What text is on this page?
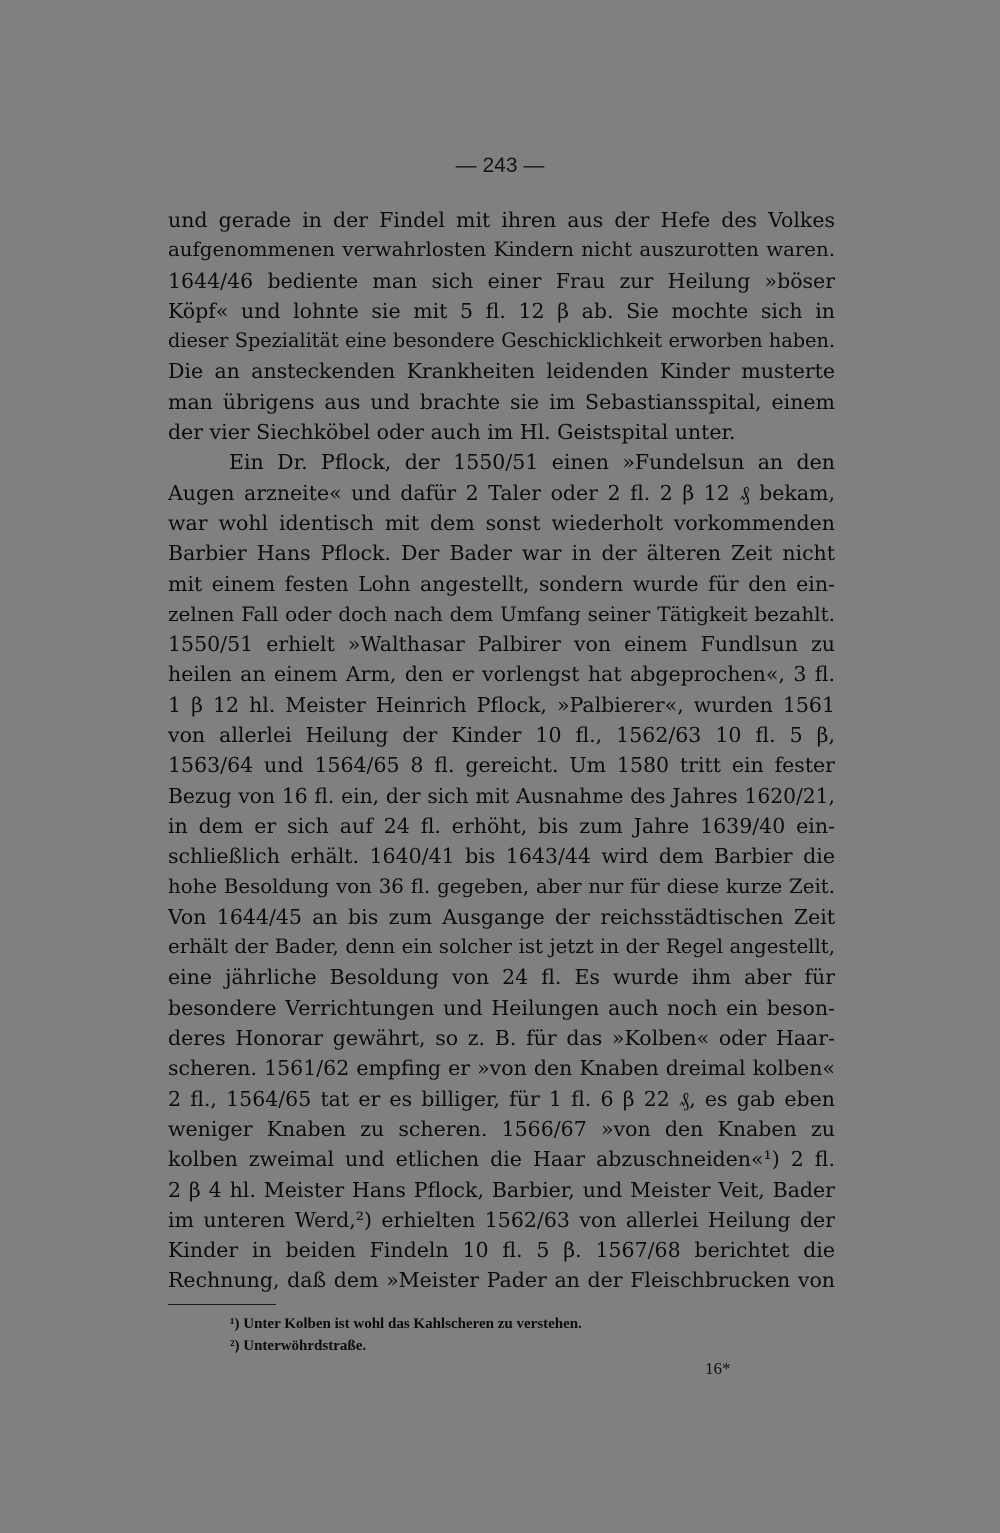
— 243 —
und gerade in der Findel mit ihren aus der Hefe des Volkes
aufgenommenen verwahrlosten Kindern nicht auszurotten waren.
1644/46 bediente man sich einer Frau zur Heilung »böser
Köpf« und lohnte sie mit 5 fl. 12 β ab. Sie mochte sich in
dieser Spezialität eine besondere Geschicklichkeit erworben haben.
Die an ansteckenden Krankheiten leidenden Kinder musterte
man übrigens aus und brachte sie im Sebastiansspital, einem
der vier Siechköbel oder auch im Hl. Geistspital unter.
Ein Dr. Pflock, der 1550/51 einen »Fundelsun an den
Augen arzneite« und dafür 2 Taler oder 2 fl. 2 β 12 ₰ bekam,
war wohl identisch mit dem sonst wiederholt vorkommenden
Barbier Hans Pflock. Der Bader war in der älteren Zeit nicht
mit einem festen Lohn angestellt, sondern wurde für den ein-
zelnen Fall oder doch nach dem Umfang seiner Tätigkeit bezahlt.
1550/51 erhielt »Walthasar Palbirer von einem Fundlsun zu
heilen an einem Arm, den er vorlengst hat abgeprochen«, 3 fl.
1 β 12 hl. Meister Heinrich Pflock, »Palbierer«, wurden 1561
von allerlei Heilung der Kinder 10 fl., 1562/63 10 fl. 5 β,
1563/64 und 1564/65 8 fl. gereicht. Um 1580 tritt ein fester
Bezug von 16 fl. ein, der sich mit Ausnahme des Jahres 1620/21,
in dem er sich auf 24 fl. erhöht, bis zum Jahre 1639/40 ein-
schließlich erhält. 1640/41 bis 1643/44 wird dem Barbier die
hohe Besoldung von 36 fl. gegeben, aber nur für diese kurze Zeit.
Von 1644/45 an bis zum Ausgange der reichsstädtischen Zeit
erhält der Bader, denn ein solcher ist jetzt in der Regel angestellt,
eine jährliche Besoldung von 24 fl. Es wurde ihm aber für
besondere Verrichtungen und Heilungen auch noch ein beson-
deres Honorar gewährt, so z. B. für das »Kolben« oder Haar-
scheren. 1561/62 empfing er »von den Knaben dreimal kolben«
2 fl., 1564/65 tat er es billiger, für 1 fl. 6 β 22 ₰, es gab eben
weniger Knaben zu scheren. 1566/67 »von den Knaben zu
kolben zweimal und etlichen die Haar abzuschneiden«¹) 2 fl.
2 β 4 hl. Meister Hans Pflock, Barbier, und Meister Veit, Bader
im unteren Werd,²) erhielten 1562/63 von allerlei Heilung der
Kinder in beiden Findeln 10 fl. 5 β. 1567/68 berichtet die
Rechnung, daß dem »Meister Pader an der Fleischbrucken von
¹) Unter Kolben ist wohl das Kahlscheren zu verstehen.
²) Unterwöhrdstraße.
16*
